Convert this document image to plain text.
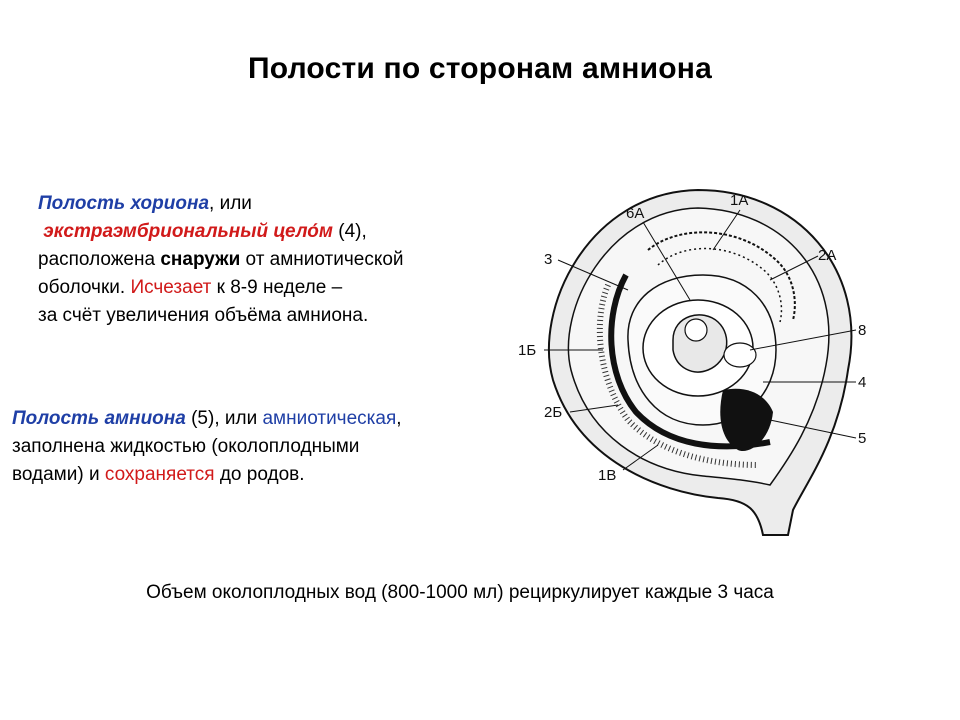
Полости по сторонам амниона
Полость хориона, или
экстраэмбриональный цело́м (4),
расположена снаружи от амниотической
оболочки. Исчезает к 8-9 неделе –
за счёт увеличения объёма амниона.
Полость амниона (5), или амниотическая,
заполнена жидкостью (околоплодными
водами) и сохраняется до родов.
6А
1А
2А
3
8
1Б
4
2Б
5
1В
Объем околоплодных вод (800-1000 мл) рециркулирует каждые 3 часа
